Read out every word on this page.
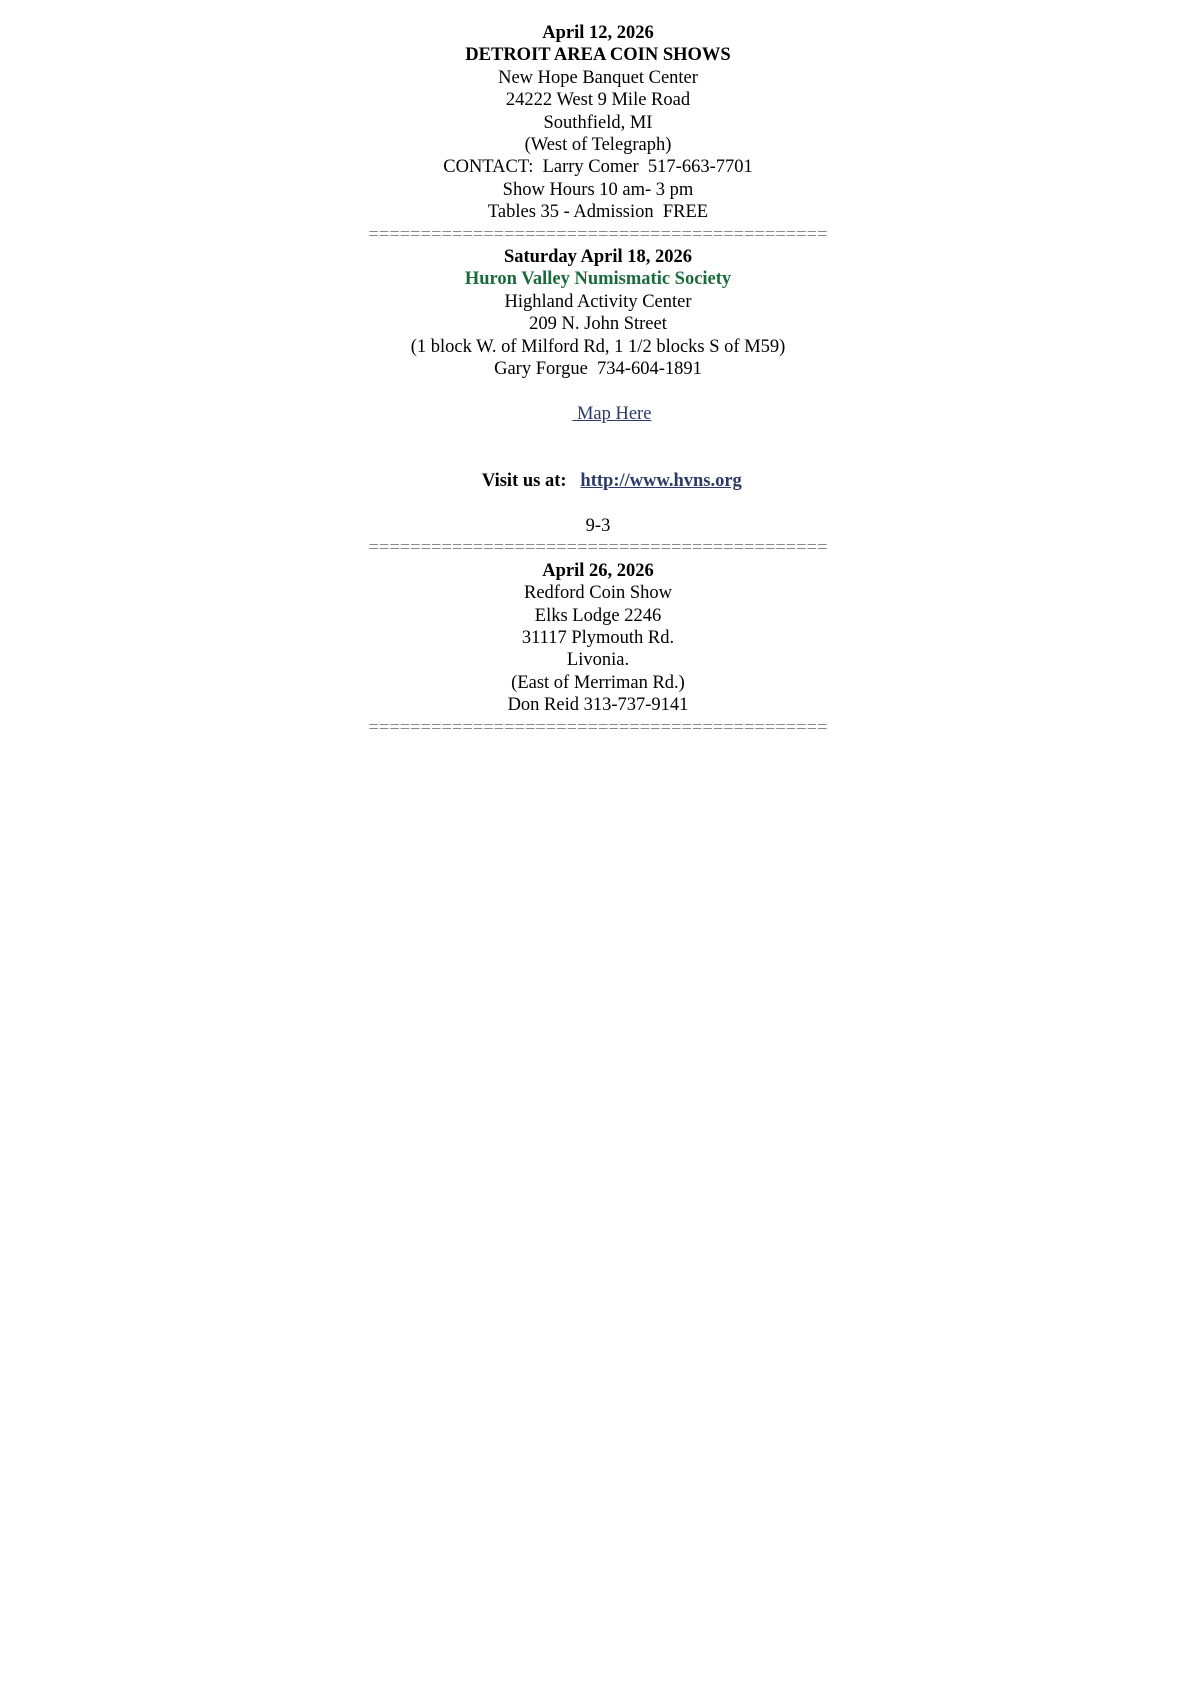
April 12, 2026
DETROIT AREA COIN SHOWS
New Hope Banquet Center
24222 West 9 Mile Road
Southfield, MI
(West of Telegraph)
CONTACT:  Larry Comer  517-663-7701
Show Hours 10 am- 3 pm
Tables 35 - Admission  FREE
============================================
Saturday April 18, 2026
Huron Valley Numismatic Society
Highland Activity Center
209 N. John Street
(1 block W. of Milford Rd, 1 1/2 blocks S of M59)
Gary Forgue  734-604-1891

Map Here

Visit us at: http://www.hvns.org

9-3
============================================
April 26, 2026
Redford Coin Show
Elks Lodge 2246
31117 Plymouth Rd.
Livonia.
(East of Merriman Rd.)
Don Reid 313-737-9141
============================================
